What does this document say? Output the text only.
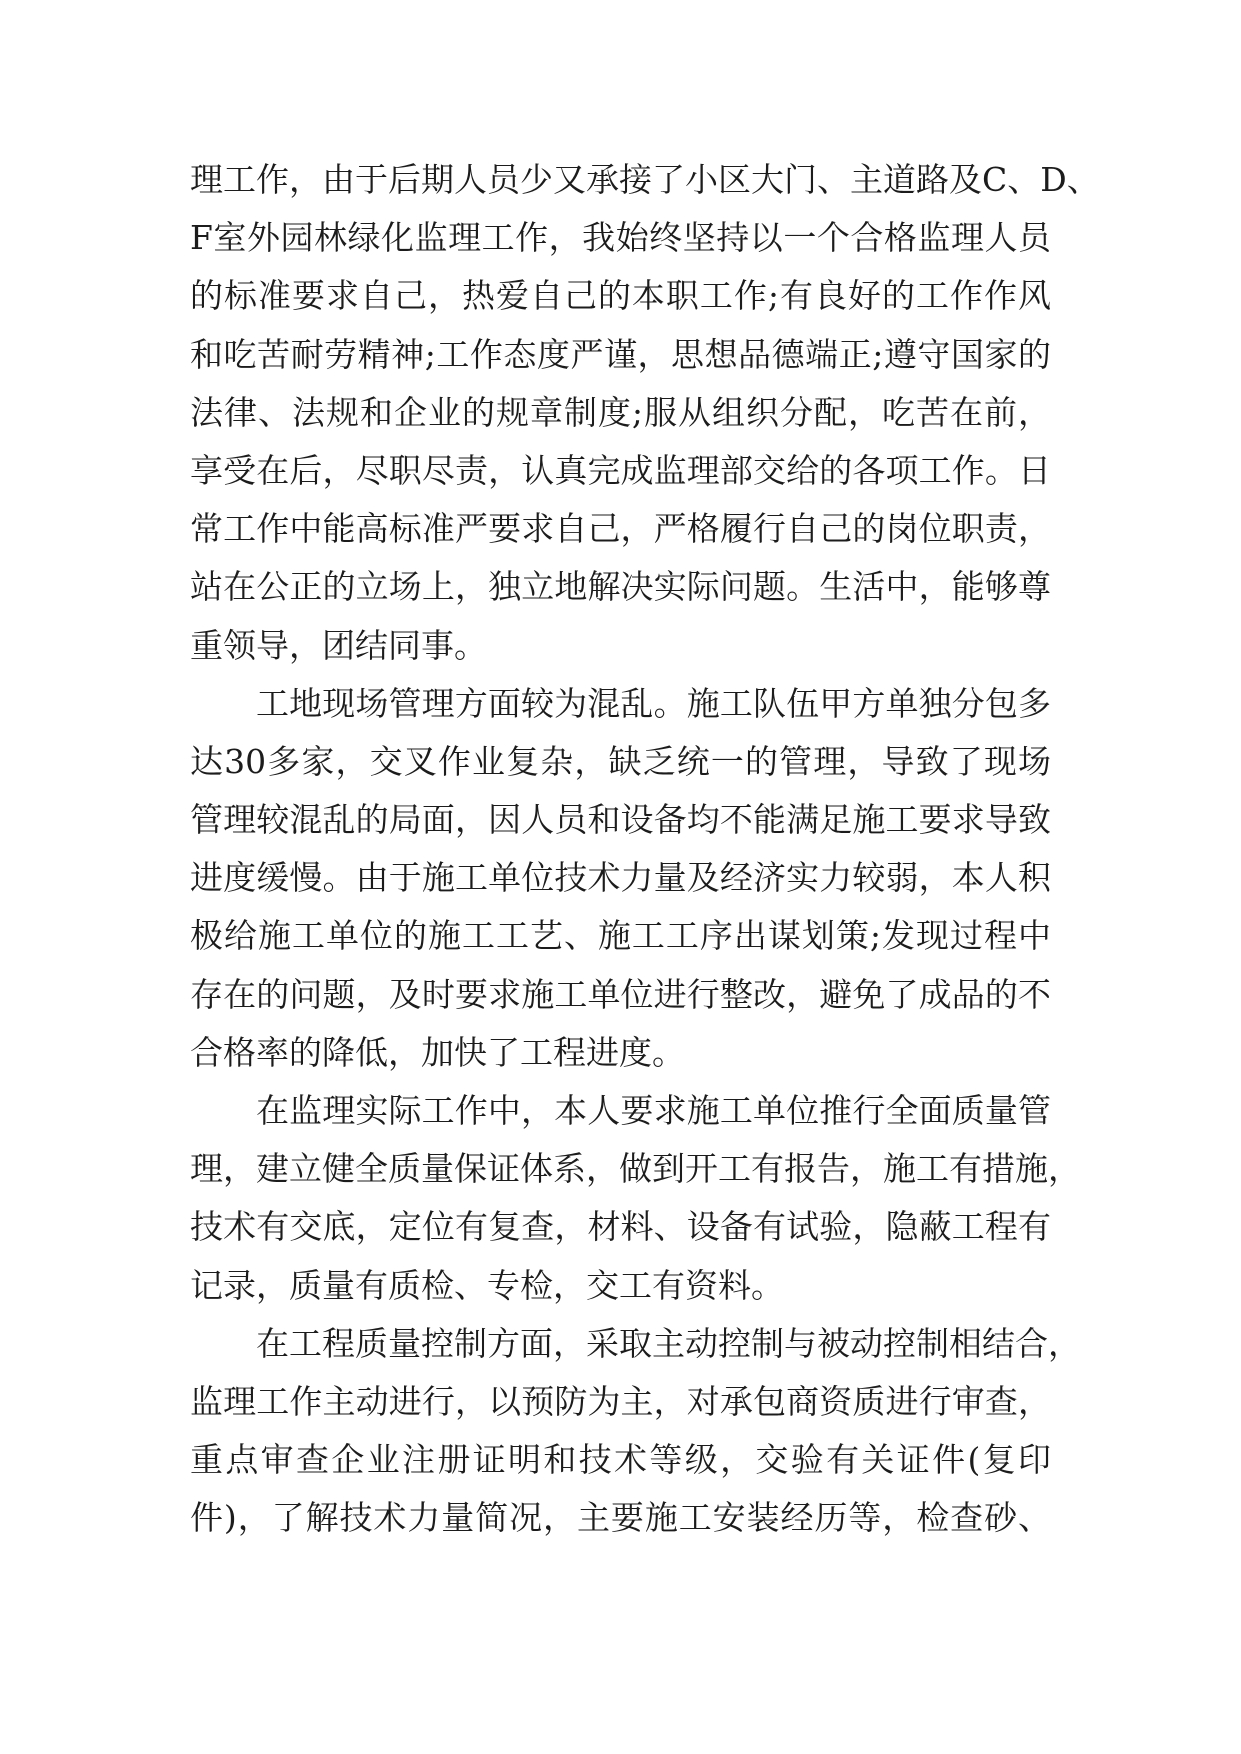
理工作，由于后期人员少又承接了小区大门、主道路及C、D、
F室外园林绿化监理工作，我始终坚持以一个合格监理人员
的标准要求自己，热爱自己的本职工作;有良好的工作作风
和吃苦耐劳精神;工作态度严谨，思想品德端正;遵守国家的
法律、法规和企业的规章制度;服从组织分配，吃苦在前，
享受在后，尽职尽责，认真完成监理部交给的各项工作。日
常工作中能高标准严要求自己，严格履行自己的岗位职责，
站在公正的立场上，独立地解决实际问题。生活中，能够尊
重领导，团结同事。
工地现场管理方面较为混乱。施工队伍甲方单独分包多
达30多家，交叉作业复杂，缺乏统一的管理，导致了现场
管理较混乱的局面，因人员和设备均不能满足施工要求导致
进度缓慢。由于施工单位技术力量及经济实力较弱，本人积
极给施工单位的施工工艺、施工工序出谋划策;发现过程中
存在的问题，及时要求施工单位进行整改，避免了成品的不
合格率的降低，加快了工程进度。
在监理实际工作中，本人要求施工单位推行全面质量管
理，建立健全质量保证体系，做到开工有报告，施工有措施，
技术有交底，定位有复查，材料、设备有试验，隐蔽工程有
记录，质量有质检、专检，交工有资料。
在工程质量控制方面，采取主动控制与被动控制相结合，
监理工作主动进行，以预防为主，对承包商资质进行审查，
重点审查企业注册证明和技术等级，交验有关证件(复印
件)，了解技术力量简况，主要施工安装经历等，检查砂、
